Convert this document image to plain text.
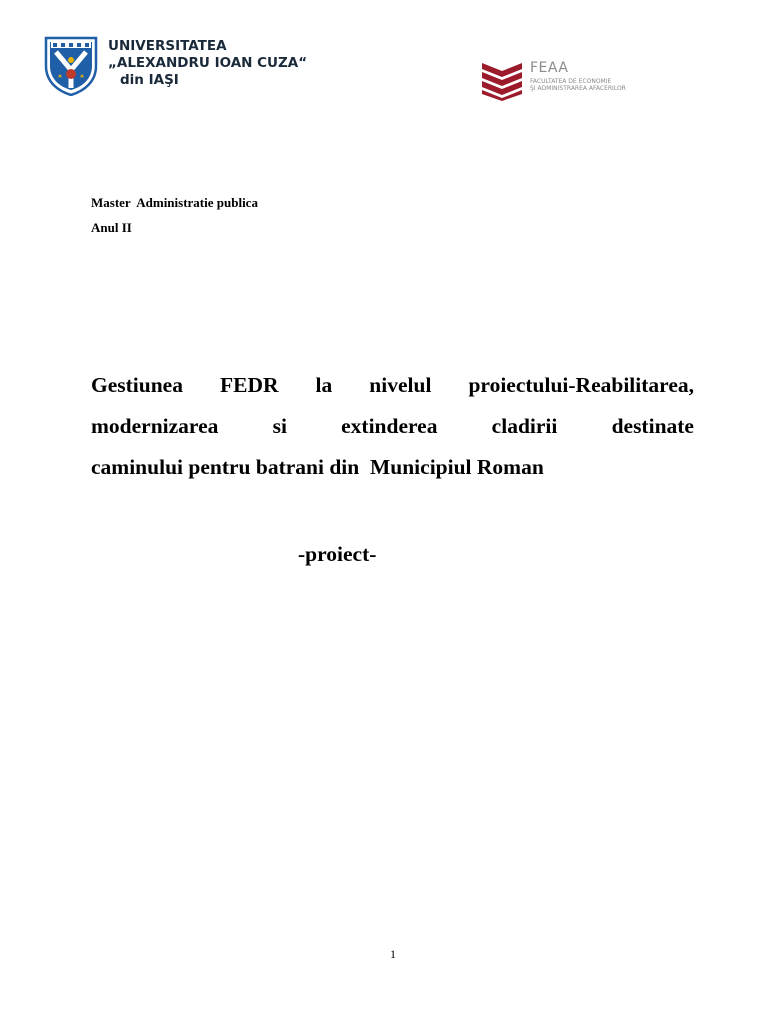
UNIVERSITATEA
„ALEXANDRU IOAN CUZA“
din IAŞI
FEAA
FACULTATEA DE ECONOMIE
ŞI ADMINISTRAREA AFACERILOR
Master  Administratie publica
Anul II
Gestiunea FEDR la nivelul proiectului-Reabilitarea,
modernizarea	si	extinderea	cladirii	destinate
caminului pentru batrani din  Municipiul Roman
-proiect-
1
